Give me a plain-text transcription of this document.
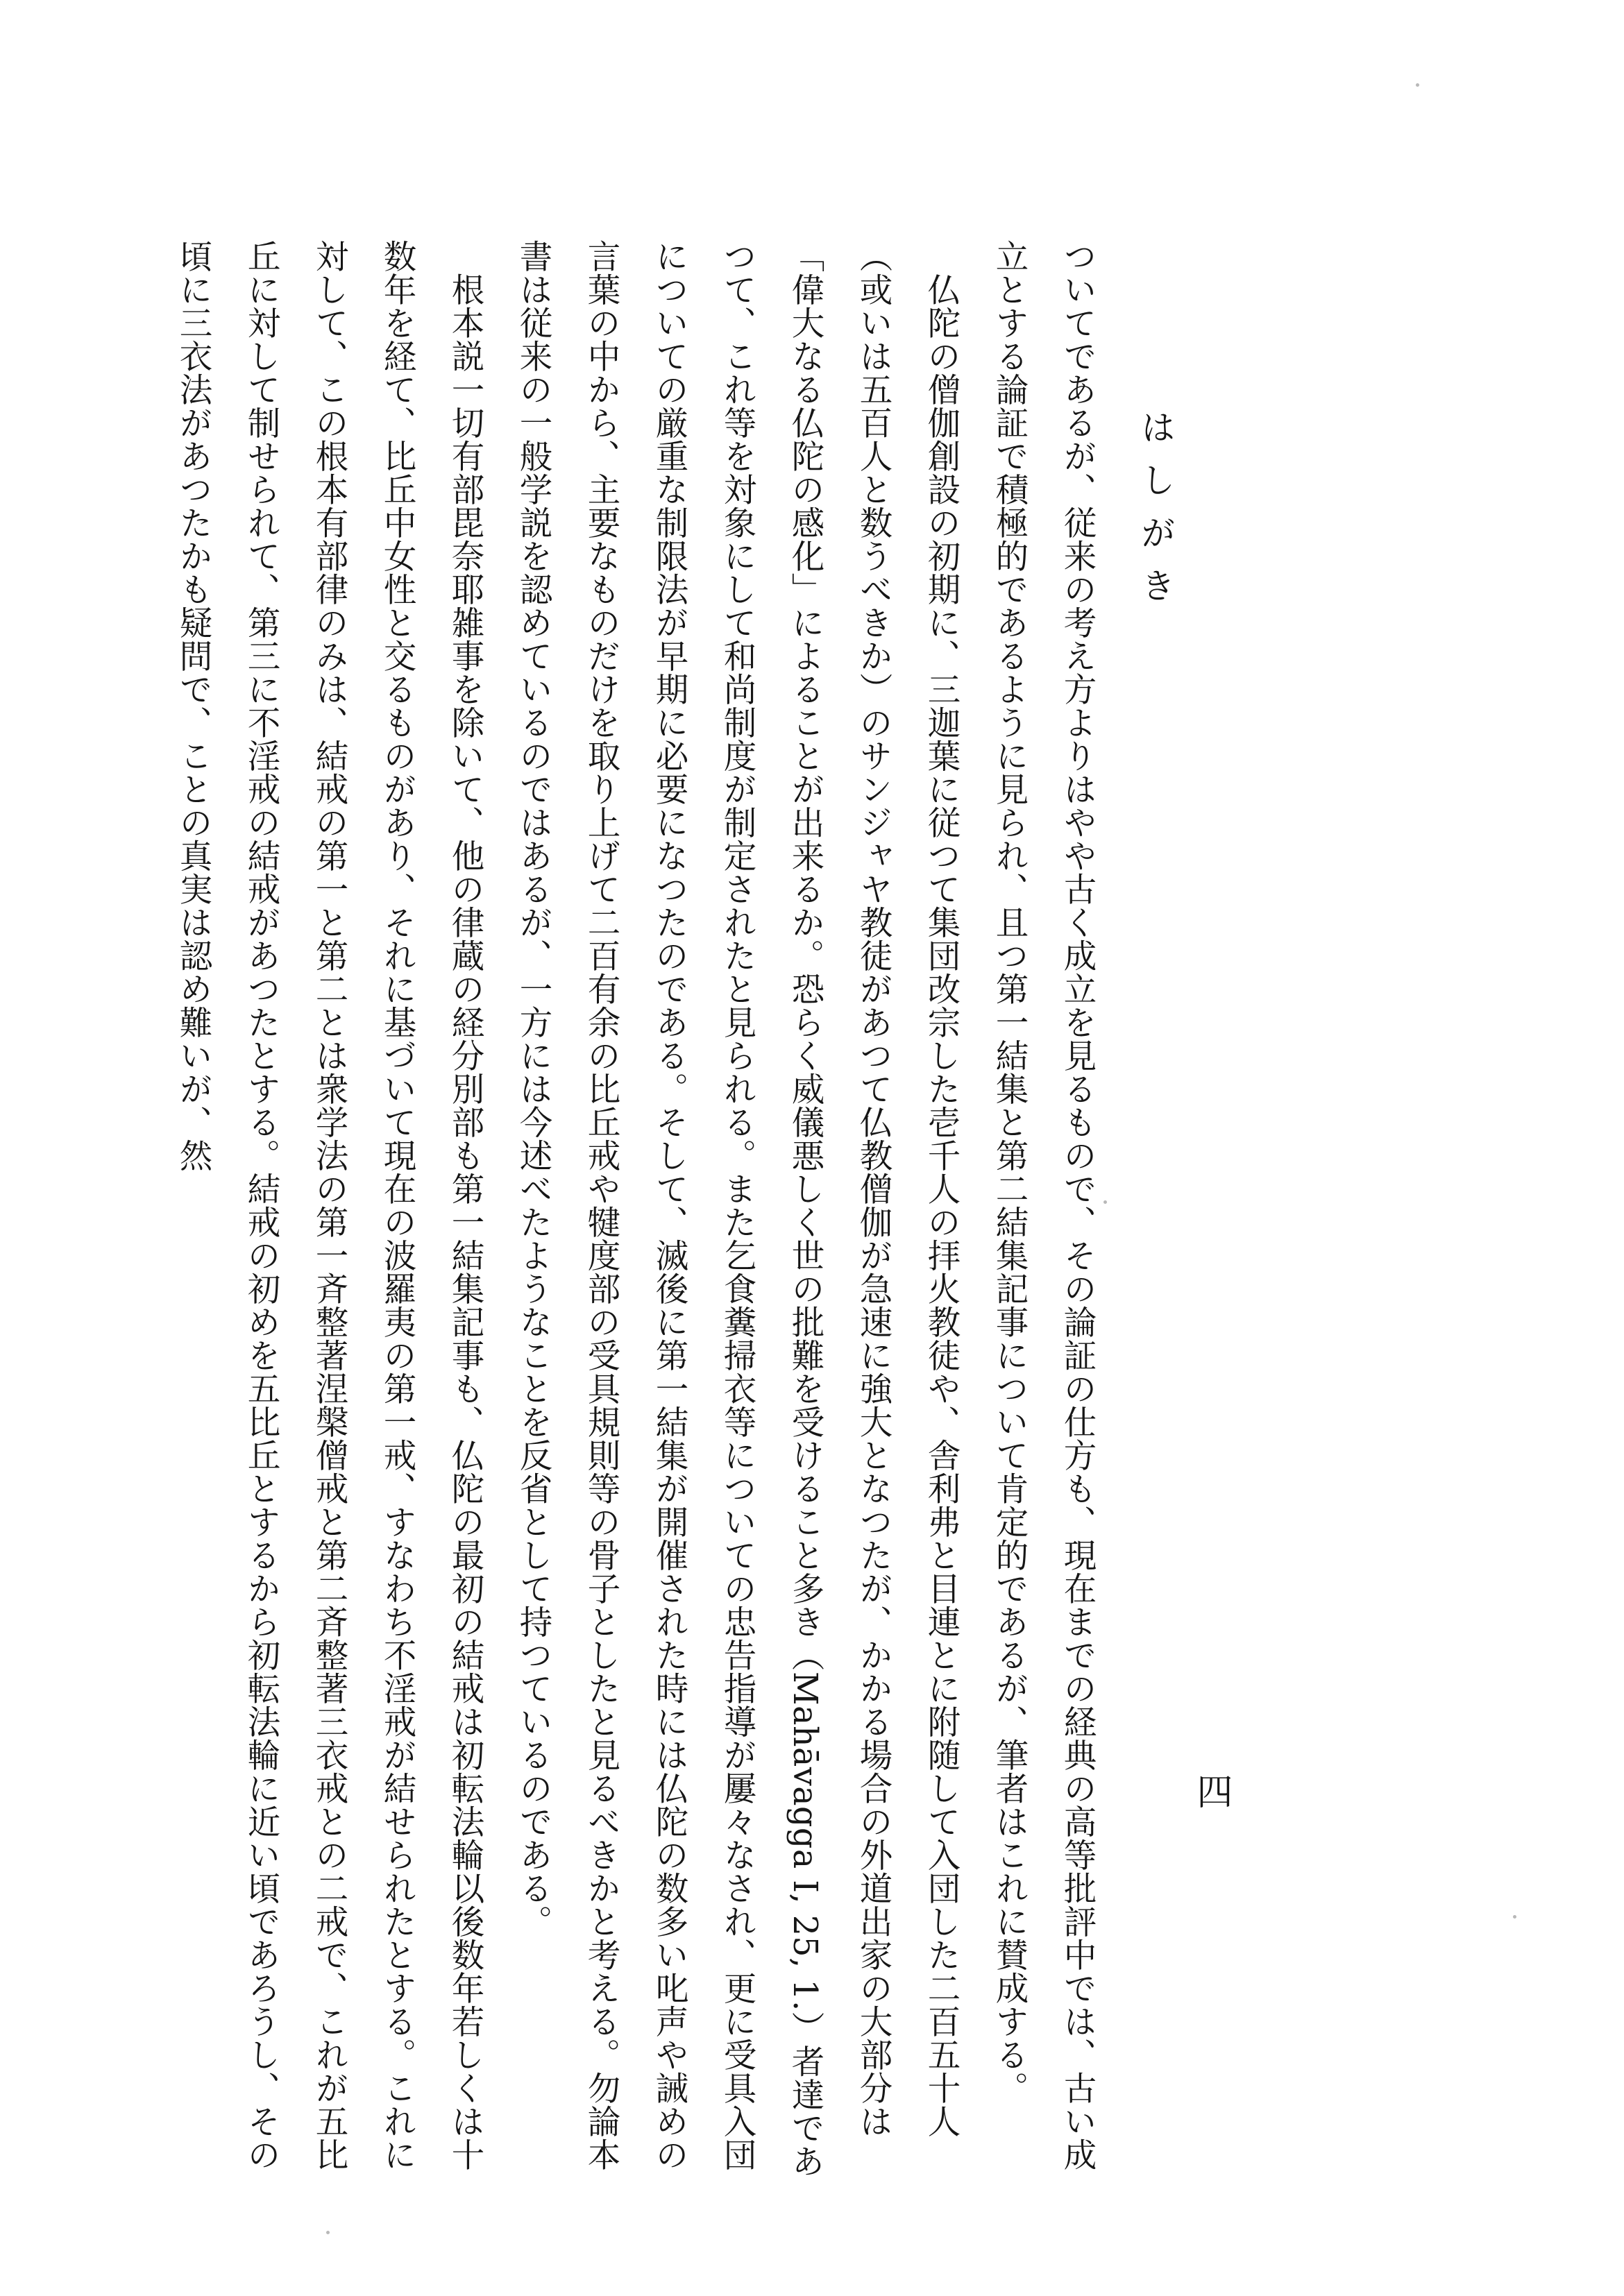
はしがき
四

ついてであるが、従来の考え方よりはやや古く成立を見るもので、その論証の仕方も、現在までの経典の高等批評中では、古い成立とする論証で積極的であるように見られ、且つ第一結集と第二結集記事について肯定的であるが、筆者はこれに賛成する。

　仏陀の僧伽創設の初期に、三迦葉に従つて集団改宗した壱千人の拝火教徒や、舎利弗と目連とに附随して入団した二百五十人（或いは五百人と数うべきか）のサンジャヤ教徒があつて仏教僧伽が急速に強大となつたが、かかる場合の外道出家の大部分は「偉大なる仏陀の感化」によることが出来るか。恐らく威儀悪しく世の批難を受けること多き（Mahāvagga I, 25, 1.）者達であつて、これ等を対象にして和尚制度が制定されたと見られる。また乞食糞掃衣等についての忠告指導が屢々なされ、更に受具入団についての厳重な制限法が早期に必要になつたのである。そして、滅後に第一結集が開催された時には仏陀の数多い叱声や誡めの言葉の中から、主要なものだけを取り上げて二百有余の比丘戒や犍度部の受具規則等の骨子としたと見るべきかと考える。勿論本書は従来の一般学説を認めているのではあるが、一方には今述べたようなことを反省として持つているのである。

　根本説一切有部毘奈耶雑事を除いて、他の律蔵の経分別部も第一結集記事も、仏陀の最初の結戒は初転法輪以後数年若しくは十数年を経て、比丘中女性と交るものがあり、それに基づいて現在の波羅夷の第一戒、すなわち不淫戒が結せられたとする。これに対して、この根本有部律のみは、結戒の第一と第二とは衆学法の第一斉整著涅槃僧戒と第二斉整著三衣戒との二戒で、これが五比丘に対して制せられて、第三に不淫戒の結戒があつたとする。結戒の初めを五比丘とするから初転法輪に近い頃であろうし、その頃に三衣法があつたかも疑問で、ことの真実は認め難いが、然
